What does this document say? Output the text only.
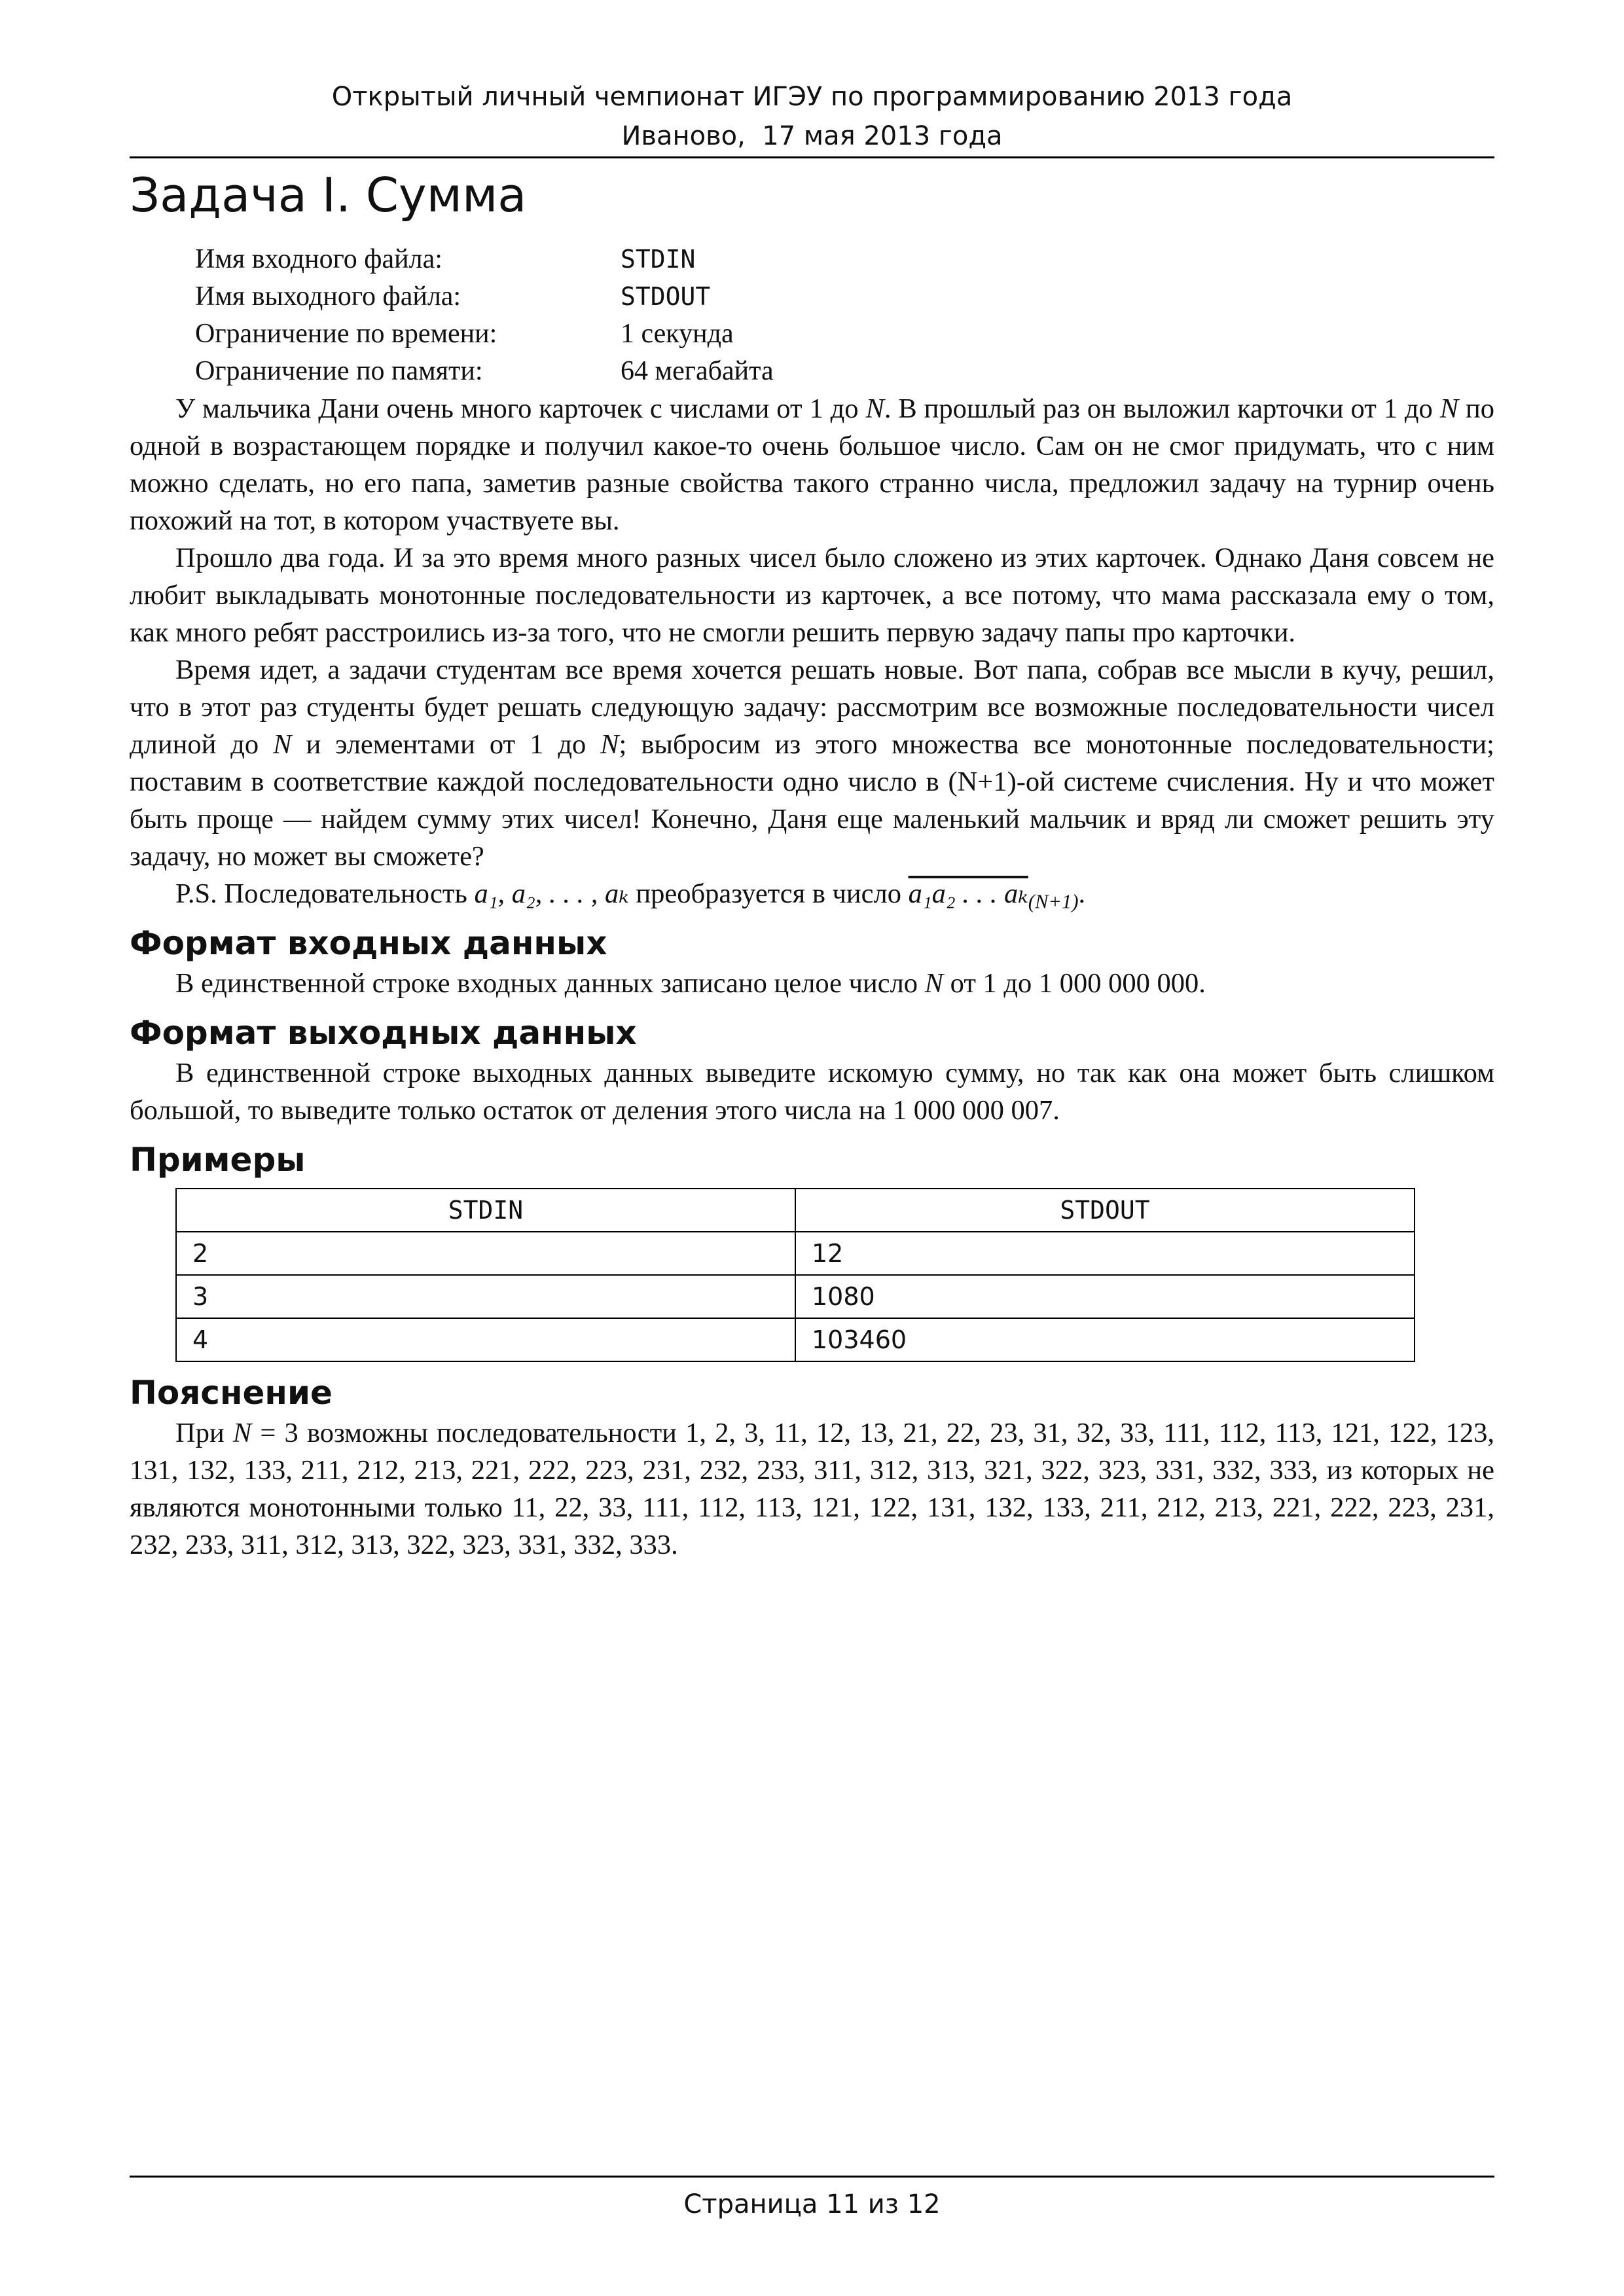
Открытый личный чемпионат ИГЭУ по программированию 2013 года
Иваново,  17 мая 2013 года
Задача I. Сумма
Имя входного файла:	STDIN
Имя выходного файла:	STDOUT
Ограничение по времени:	1 секунда
Ограничение по памяти:	64 мегабайта

У мальчика Дани очень много карточек с числами от 1 до N. В прошлый раз он выложил карточки от 1 до N по одной в возрастающем порядке и получил какое-то очень большое число. Сам он не смог придумать, что с ним можно сделать, но его папа, заметив разные свойства такого странно числа, предложил задачу на турнир очень похожий на тот, в котором участвуете вы.

Прошло два года. И за это время много разных чисел было сложено из этих карточек. Однако Даня совсем не любит выкладывать монотонные последовательности из карточек, а все потому, что мама рассказала ему о том, как много ребят расстроились из-за того, что не смогли решить первую задачу папы про карточки.

Время идет, а задачи студентам все время хочется решать новые. Вот папа, собрав все мысли в кучу, решил, что в этот раз студенты будет решать следующую задачу: рассмотрим все возможные последовательности чисел длиной до N и элементами от 1 до N; выбросим из этого множества все монотонные последовательности; поставим в соответствие каждой последовательности одно число в (N+1)-ой системе счисления. Ну и что может быть проще — найдем сумму этих чисел! Конечно, Даня еще маленький мальчик и вряд ли сможет решить эту задачу, но может вы сможете?

P.S. Последовательность a₁, a₂, . . . , aₖ преобразуется в число a₁a₂ . . . aₖ$_{(N+1)}$.

Формат входных данных

В единственной строке входных данных записано целое число N от 1 до 1 000 000 000.

Формат выходных данных

В единственной строке выходных данных выведите искомую сумму, но так как она может быть слишком большой, то выведите только остаток от деления этого числа на 1 000 000 007.

Примеры
STDIN	STDOUT
2	12
3	1080
4	103460
Пояснение

При N = 3 возможны последовательности 1, 2, 3, 11, 12, 13, 21, 22, 23, 31, 32, 33, 111, 112, 113, 121, 122, 123, 131, 132, 133, 211, 212, 213, 221, 222, 223, 231, 232, 233, 311, 312, 313, 321, 322, 323, 331, 332, 333, из которых не являются монотонными только 11, 22, 33, 111, 112, 113, 121, 122, 131, 132, 133, 211, 212, 213, 221, 222, 223, 231, 232, 233, 311, 312, 313, 322, 323, 331, 332, 333.

Страница 11 из 12
